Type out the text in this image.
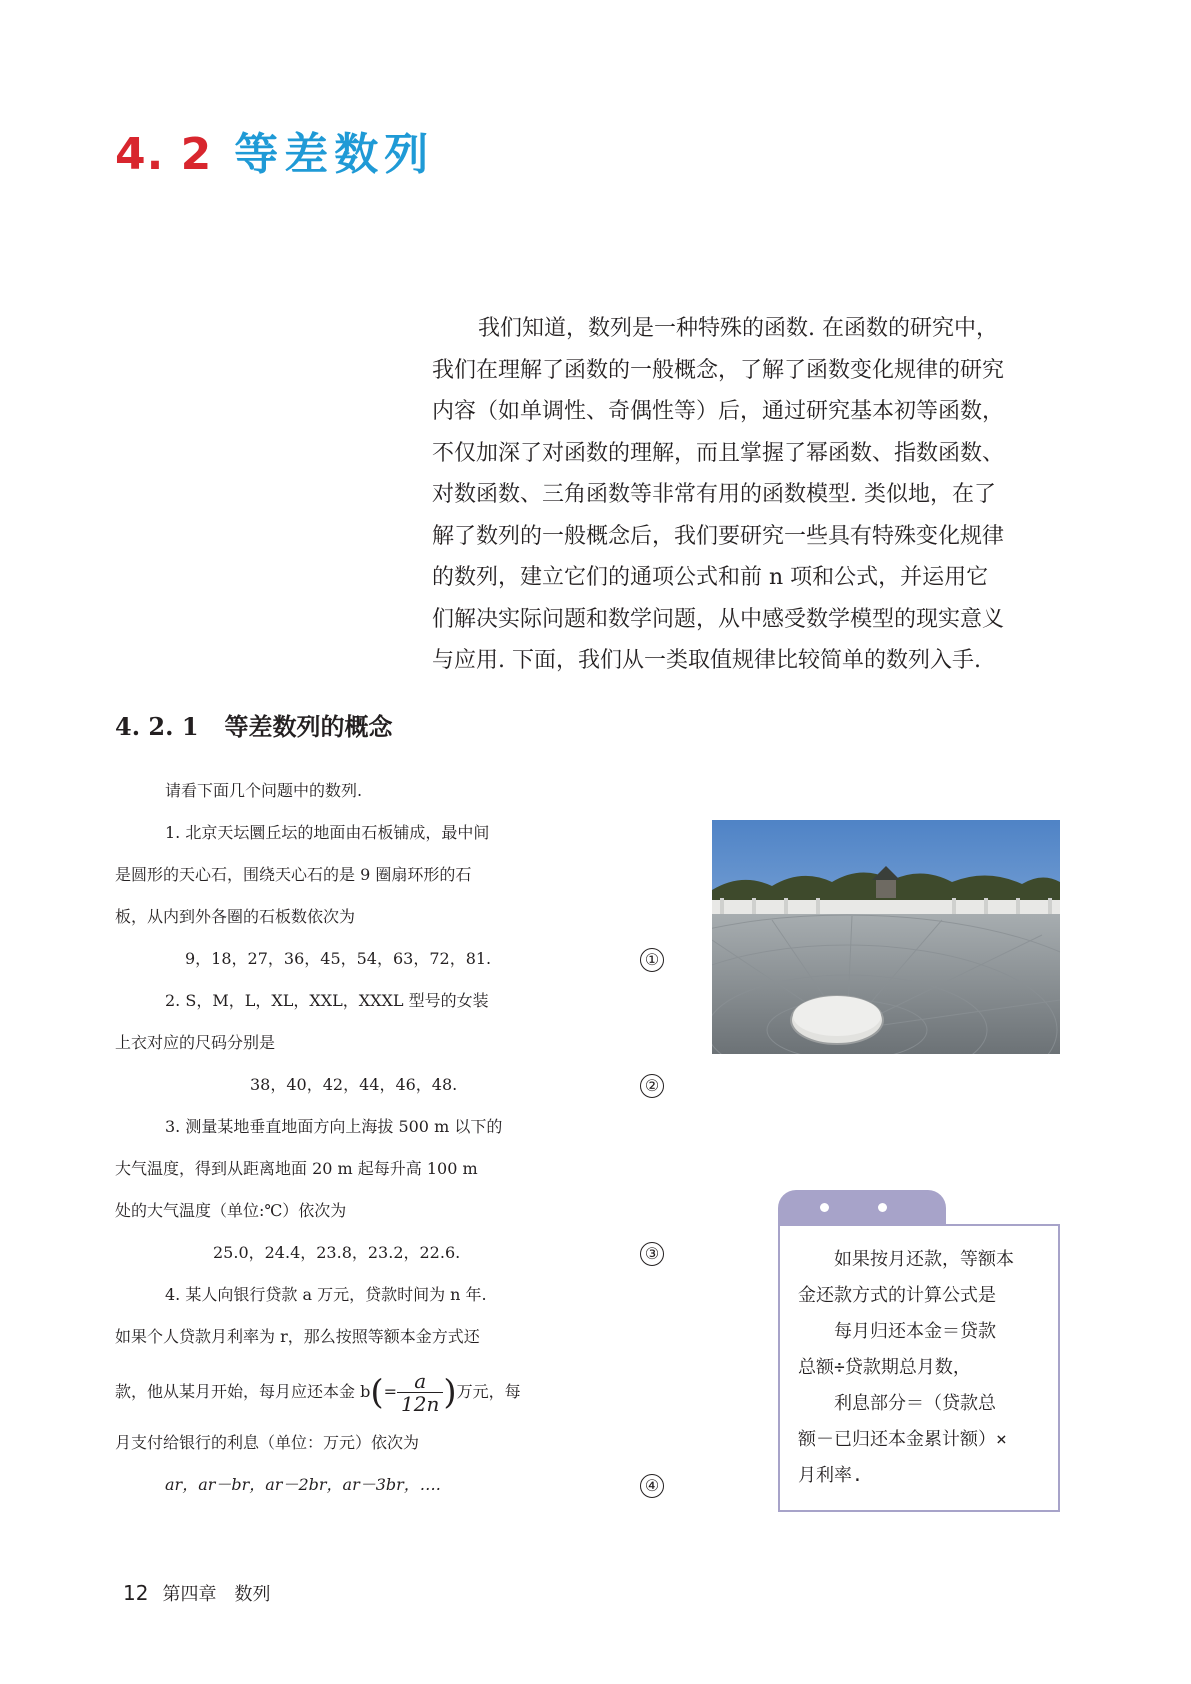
4. 2 等差数列
我们知道，数列是一种特殊的函数. 在函数的研究中，
我们在理解了函数的一般概念，了解了函数变化规律的研究
内容（如单调性、奇偶性等）后，通过研究基本初等函数，
不仅加深了对函数的理解，而且掌握了幂函数、指数函数、
对数函数、三角函数等非常有用的函数模型. 类似地，在了
解了数列的一般概念后，我们要研究一些具有特殊变化规律
的数列，建立它们的通项公式和前 n 项和公式，并运用它
们解决实际问题和数学问题，从中感受数学模型的现实意义
与应用. 下面，我们从一类取值规律比较简单的数列入手.
4. 2. 1 等差数列的概念
请看下面几个问题中的数列.
1. 北京天坛圜丘坛的地面由石板铺成，最中间
是圆形的天心石，围绕天心石的是 9 圈扇环形的石
板，从内到外各圈的石板数依次为
9，18，27，36，45，54，63，72，81.	①
2. S，M，L，XL，XXL，XXXL 型号的女装
上衣对应的尺码分别是
38，40，42，44，46，48.	②
3. 测量某地垂直地面方向上海拔 500 m 以下的
大气温度，得到从距离地面 20 m 起每升高 100 m
处的大气温度（单位:℃）依次为
25.0，24.4，23.8，23.2，22.6.	③
4. 某人向银行贷款 a 万元，贷款时间为 n 年.
如果个人贷款月利率为 r，那么按照等额本金方式还
款，他从某月开始，每月应还本金 $b(= \frac{a}{12n}$ )万元，每
月支付给银行的利息（单位：万元）依次为
ar，ar－br，ar－2br，ar－3br，….	④
　　如果按月还款，等额本
金还款方式的计算公式是
　　每月归还本金＝贷款
总额÷贷款期总月数，
　　利息部分＝（贷款总
额－已归还本金累计额）×
月利率.
12 第四章　数列
